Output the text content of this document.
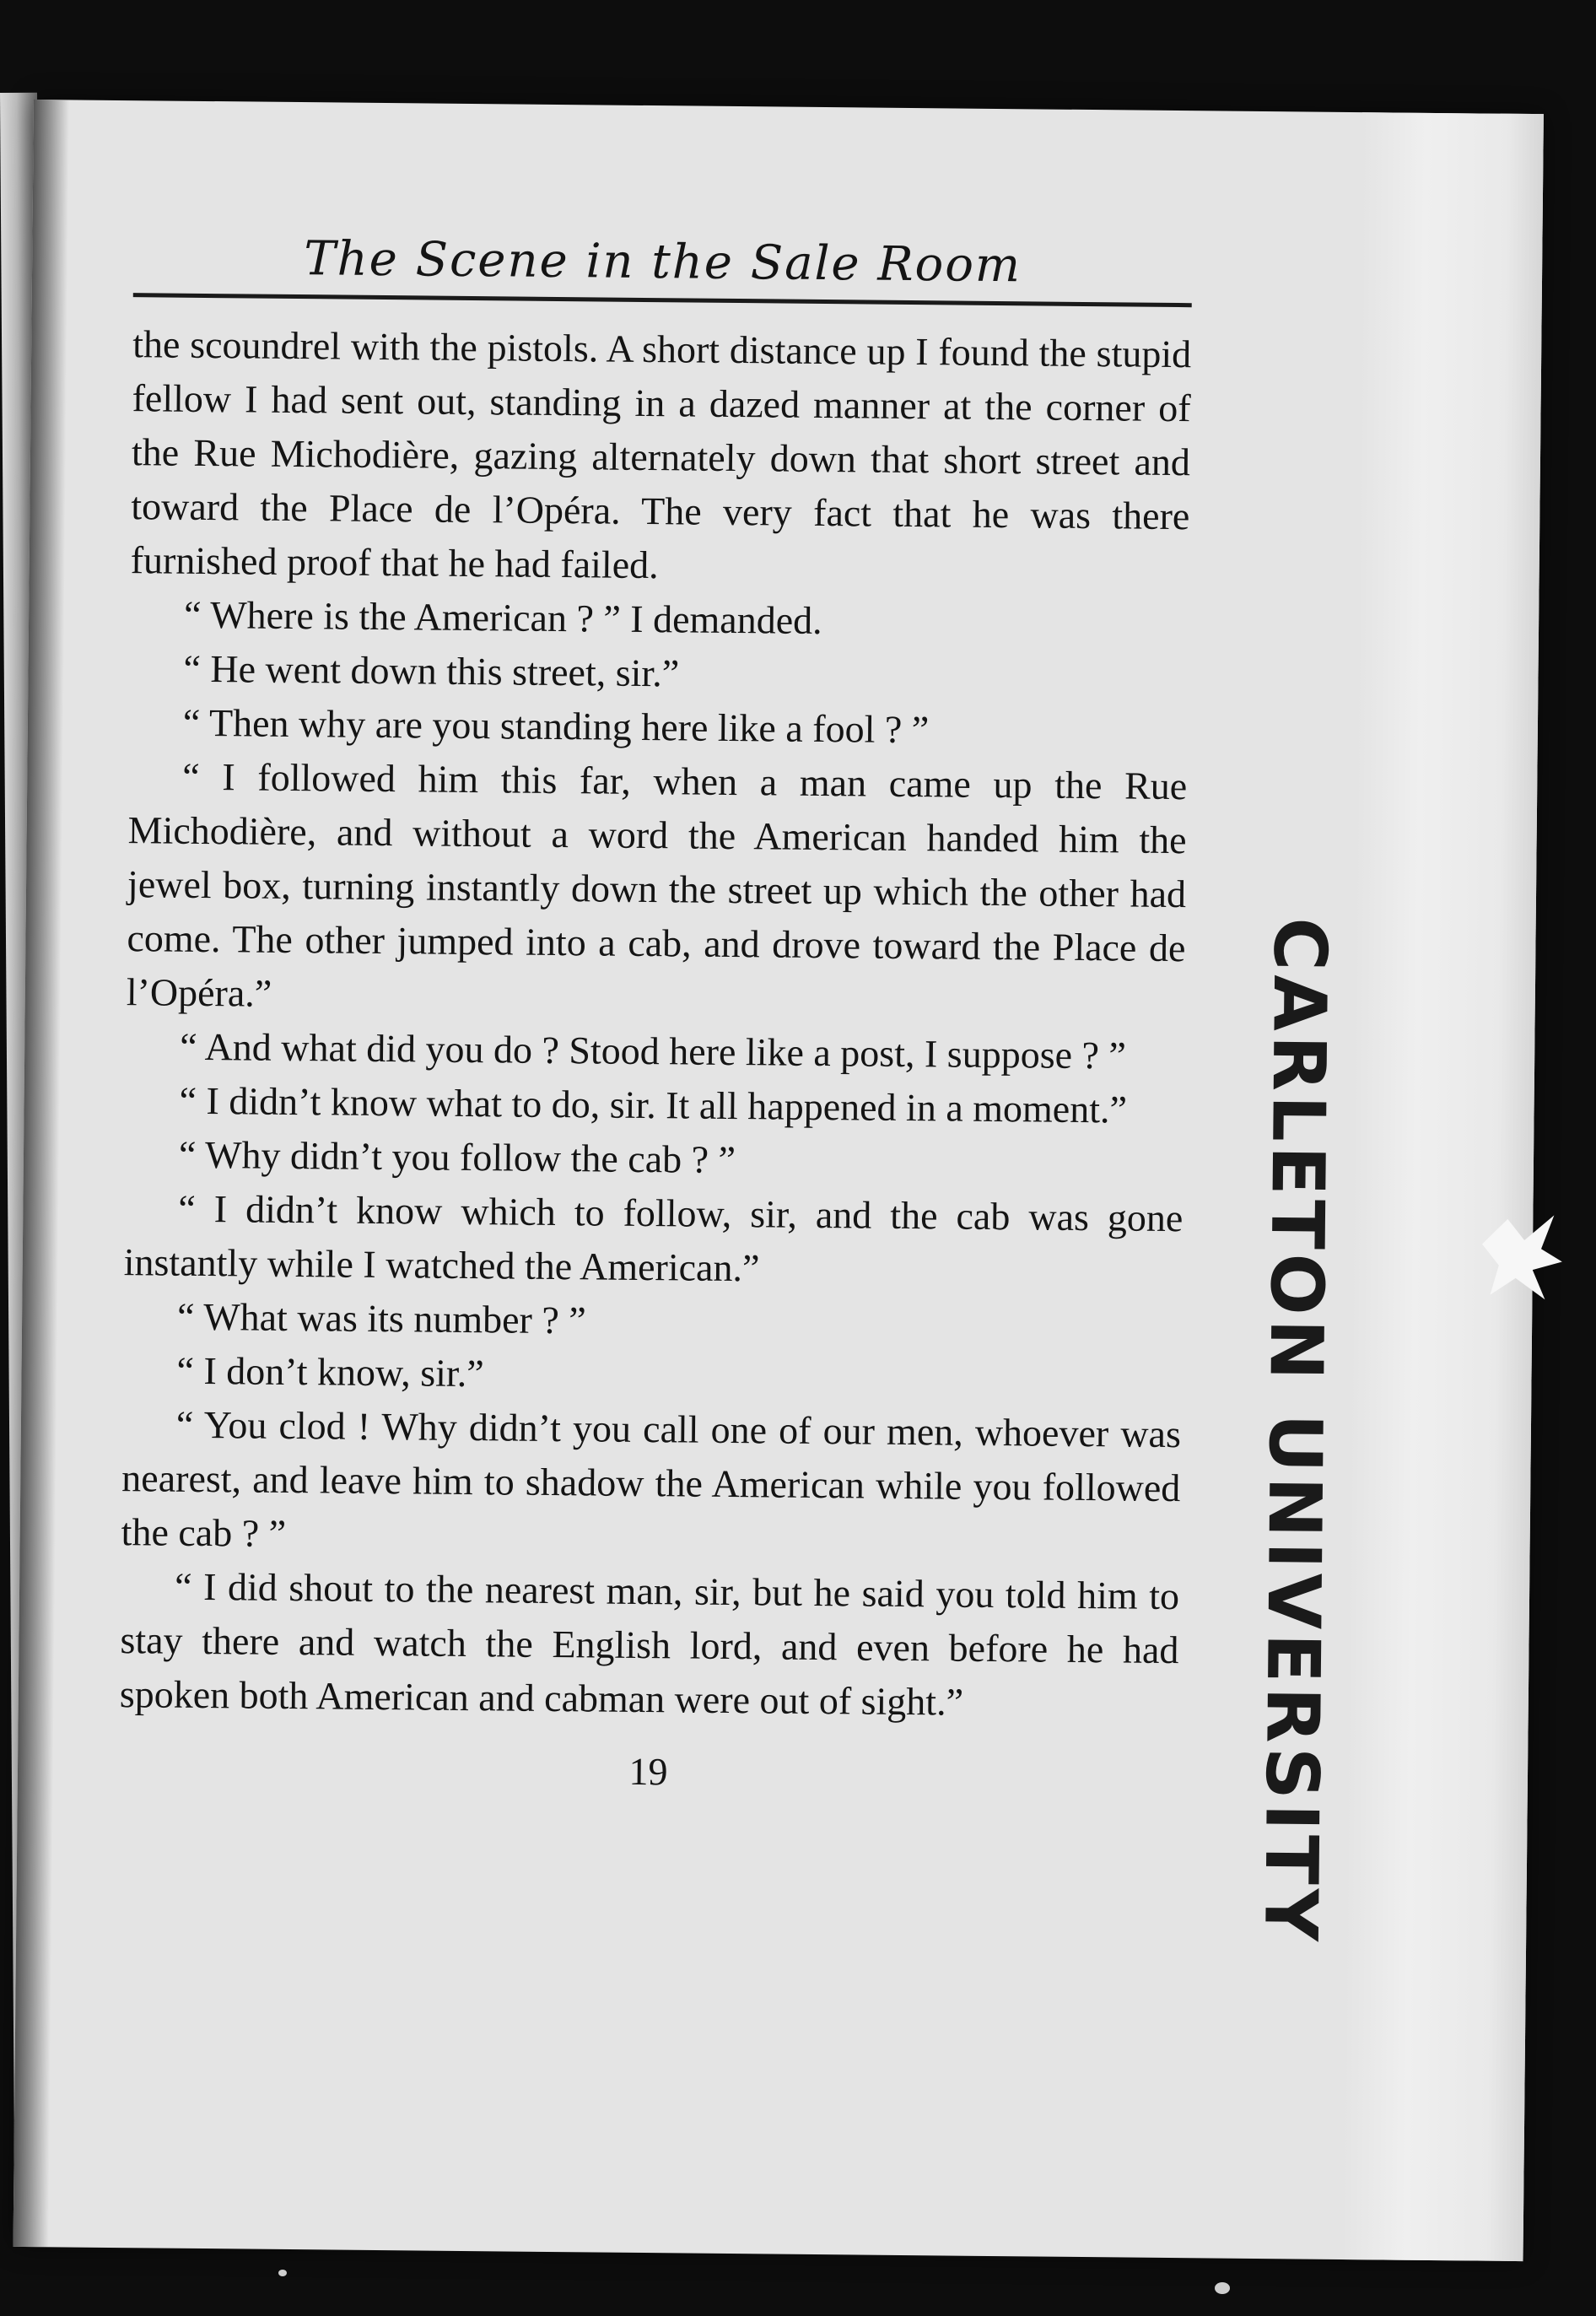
CARLETON UNIVERSITY
The Scene in the Sale Room

the scoundrel with the pistols. A short distance up I found the stupid fellow I had sent out, standing in a dazed manner at the corner of the Rue Michodière, gazing alternately down that short street and toward the Place de l’Opéra. The very fact that he was there furnished proof that he had failed.

“ Where is the American ? ” I demanded.

“ He went down this street, sir.”

“ Then why are you standing here like a fool ? ”

“ I followed him this far, when a man came up the Rue Michodière, and without a word the American handed him the jewel box, turning instantly down the street up which the other had come. The other jumped into a cab, and drove toward the Place de l’Opéra.”

“ And what did you do ? Stood here like a post, I suppose ? ”

“ I didn’t know what to do, sir. It all happened in a moment.”

“ Why didn’t you follow the cab ? ”

“ I didn’t know which to follow, sir, and the cab was gone instantly while I watched the American.”

“ What was its number ? ”

“ I don’t know, sir.”

“ You clod ! Why didn’t you call one of our men, whoever was nearest, and leave him to shadow the American while you followed the cab ? ”

“ I did shout to the nearest man, sir, but he said you told him to stay there and watch the English lord, and even before he had spoken both American and cabman were out of sight.”

19
